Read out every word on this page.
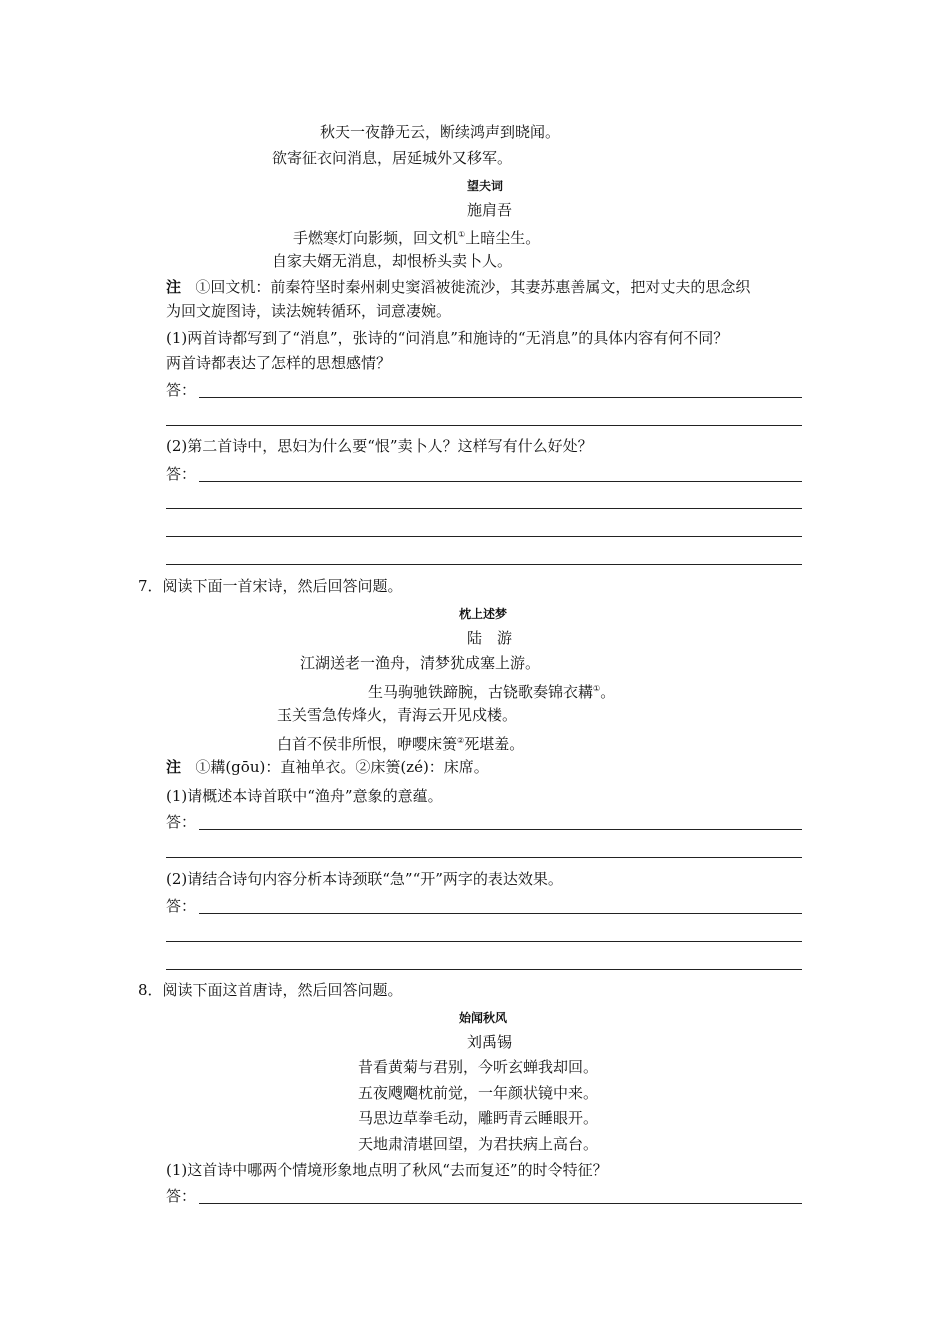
秋天一夜静无云，断续鸿声到晓闻。
欲寄征衣问消息，居延城外又移军。
望夫词
施肩吾
手燃寒灯向影频，回文机①上暗尘生。
自家夫婿无消息，却恨桥头卖卜人。
注 ①回文机：前秦符坚时秦州刺史窦滔被徙流沙，其妻苏惠善属文，把对丈夫的思念织
为回文旋图诗，读法婉转循环，词意凄婉。
(1)两首诗都写到了“消息”，张诗的“问消息”和施诗的“无消息”的具体内容有何不同？
两首诗都表达了怎样的思想感情？
答：
(2)第二首诗中，思妇为什么要“恨”卖卜人？这样写有什么好处？
答：
7．阅读下面一首宋诗，然后回答问题。
枕上述梦
陆　游
江湖送老一渔舟，清梦犹成塞上游。
生马驹驰铁蹄腕，古铙歌奏锦衣耩①。
玉关雪急传烽火，青海云开见戍楼。
白首不侯非所恨，咿嘤床箦②死堪羞。
注 ①耩(gōu)：直袖单衣。②床箦(zé)：床席。
(1)请概述本诗首联中“渔舟”意象的意蕴。
答：
(2)请结合诗句内容分析本诗颈联“急”“开”两字的表达效果。
答：
8．阅读下面这首唐诗，然后回答问题。
始闻秋风
刘禹锡
昔看黄菊与君别，今听玄蝉我却回。
五夜飕飗枕前觉，一年颜状镜中来。
马思边草拳毛动，雕眄青云睡眼开。
天地肃清堪回望，为君扶病上高台。
(1)这首诗中哪两个情境形象地点明了秋风“去而复还”的时令特征？
答：
